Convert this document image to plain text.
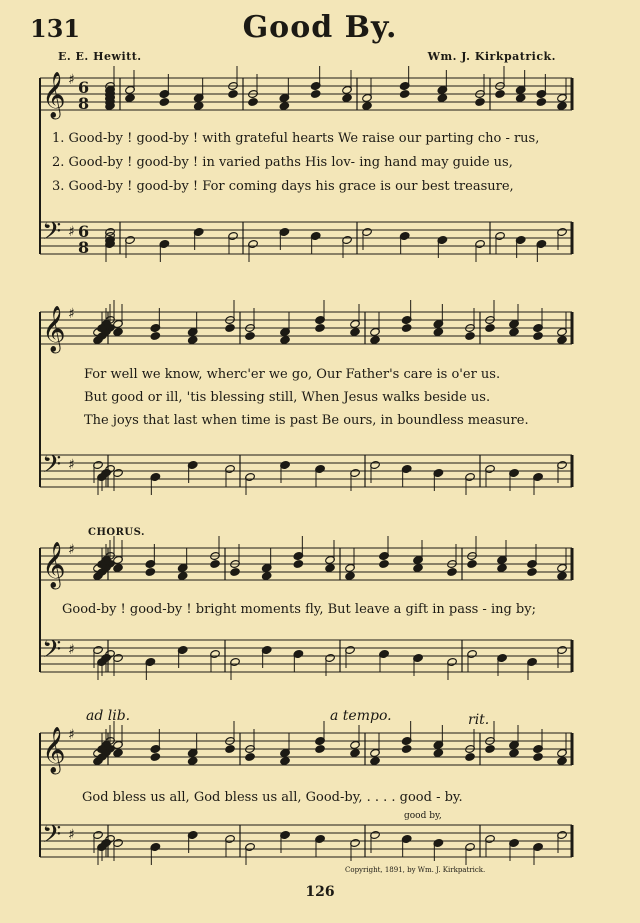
131	Good By.
E. E. Hewitt.	Wm. J. Kirkpatrick.
𝄞 ♯
𝄢 ♯
𝄞 ♯
𝄢 ♯
𝄞 ♯
𝄢 ♯
𝄞 ♯
𝄢 ♯
6
8
6
8
1. Good-by ! good-by ! with grateful hearts We raise our parting cho - rus,
2. Good-by ! good-by ! in varied paths His lov- ing hand may guide us,
3. Good-by ! good-by ! For coming days his grace is our best treasure,
For well we know, wherc'er we go, Our Father's care is o'er us.
But good or ill, 'tis blessing still, When Jesus walks beside us.
The joys that last when time is past Be ours, in boundless measure.
CHORUS.
Good-by ! good-by ! bright moments fly, But leave a gift in pass - ing by;
ad lib.	a tempo.	rit.
God bless us all, God bless us all, Good-by, . . . . good - by.
good by,
Copyright, 1891, by Wm. J. Kirkpatrick.
126
